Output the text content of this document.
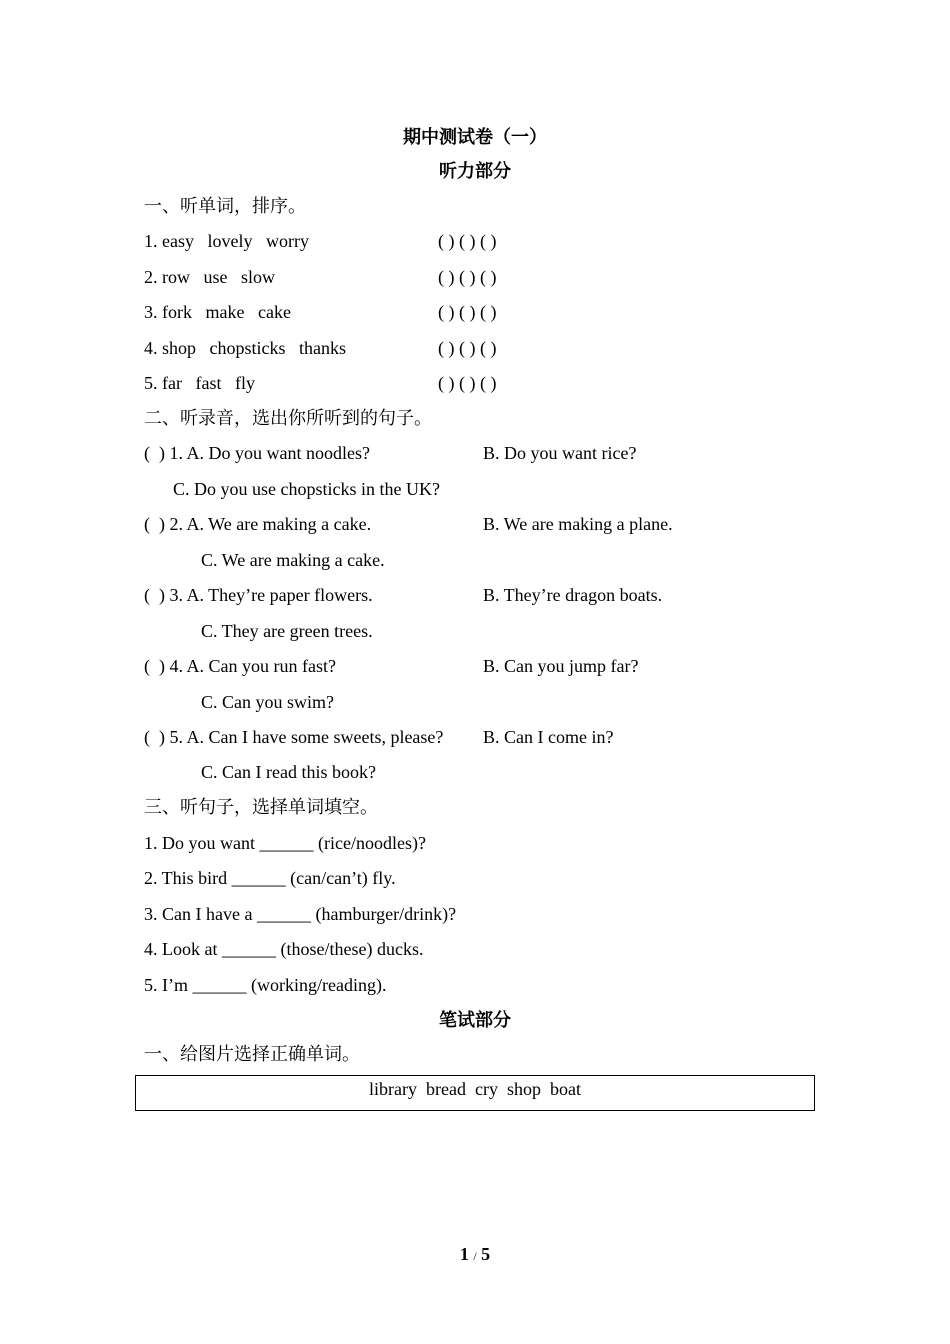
期中测试卷（一）
听力部分
一、听单词，排序。
1. easy   lovely   worry	( ) ( ) ( )
2. row   use   slow	( ) ( ) ( )
3. fork   make   cake	( ) ( ) ( )
4. shop   chopsticks   thanks	( ) ( ) ( )
5. far   fast   fly	( ) ( ) ( )
二、听录音，选出你所听到的句子。
(  ) 1. A. Do you want noodles?	B. Do you want rice?
C. Do you use chopsticks in the UK?
(  ) 2. A. We are making a cake.	B. We are making a plane.
C. We are making a cake.
(  ) 3. A. They’re paper flowers.	B. They’re dragon boats.
C. They are green trees.
(  ) 4. A. Can you run fast?	B. Can you jump far?
C. Can you swim?
(  ) 5. A. Can I have some sweets, please? B. Can I come in?
C. Can I read this book?
三、听句子，选择单词填空。
1. Do you want ______ (rice/noodles)?
2. This bird ______ (can/can’t) fly.
3. Can I have a ______ (hamburger/drink)?
4. Look at ______ (those/these) ducks.
5. I’m ______ (working/reading).
笔试部分
一、给图片选择正确单词。
library  bread  cry  shop  boat
1 / 5
